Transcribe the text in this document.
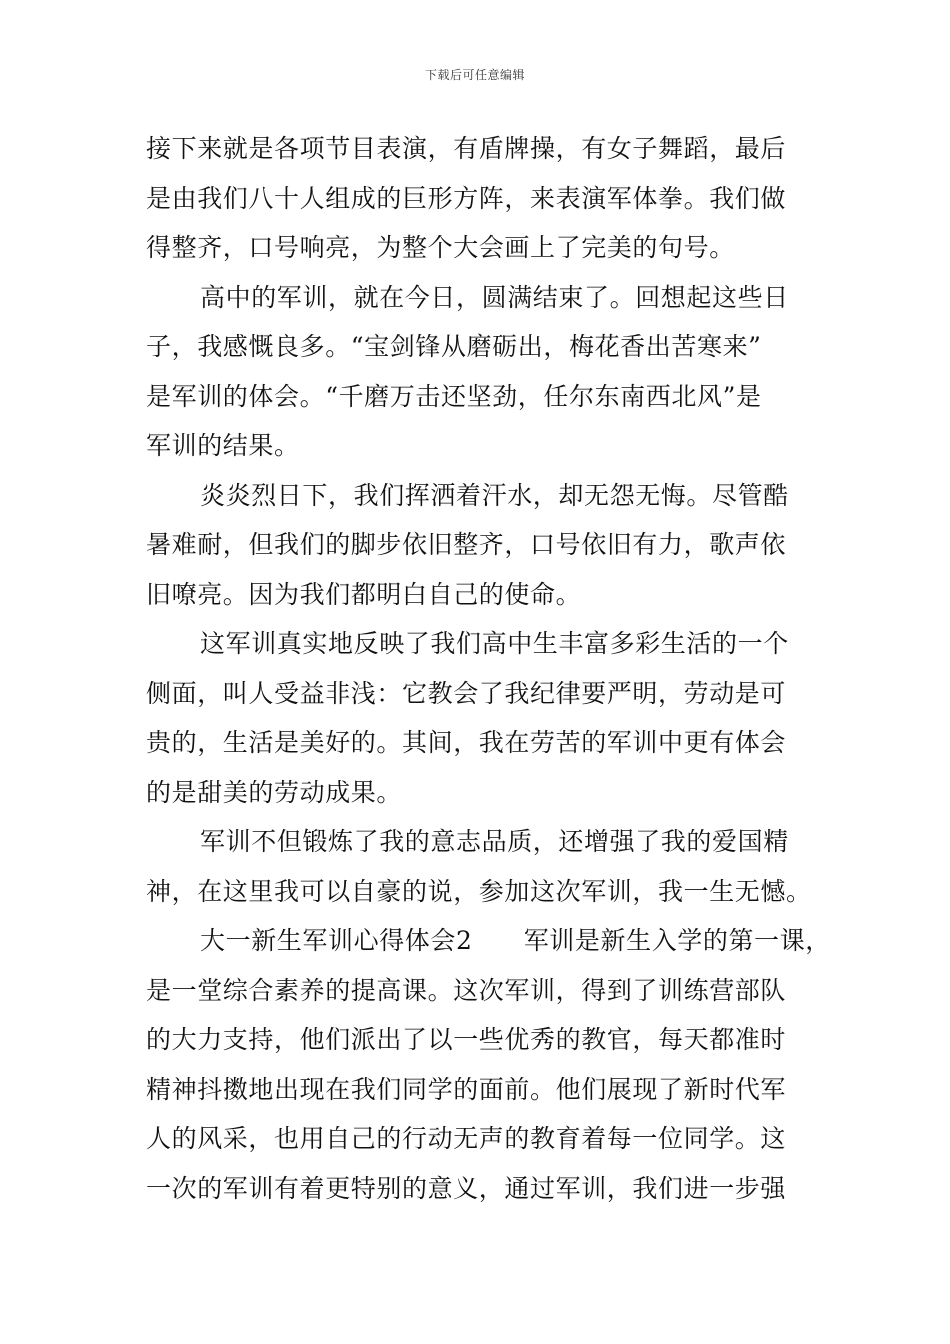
下载后可任意编辑
接下来就是各项节目表演，有盾牌操，有女子舞蹈，最后
是由我们八十人组成的巨形方阵，来表演军体拳。我们做
得整齐，口号响亮，为整个大会画上了完美的句号。
高中的军训，就在今日，圆满结束了。回想起这些日
子，我感慨良多。“宝剑锋从磨砺出，梅花香出苦寒来”
是军训的体会。“千磨万击还坚劲，任尔东南西北风”是
军训的结果。
炎炎烈日下，我们挥洒着汗水，却无怨无悔。尽管酷
暑难耐，但我们的脚步依旧整齐，口号依旧有力，歌声依
旧嘹亮。因为我们都明白自己的使命。
这军训真实地反映了我们高中生丰富多彩生活的一个
侧面，叫人受益非浅：它教会了我纪律要严明，劳动是可
贵的，生活是美好的。其间，我在劳苦的军训中更有体会
的是甜美的劳动成果。
军训不但锻炼了我的意志品质，还增强了我的爱国精
神，在这里我可以自豪的说，参加这次军训，我一生无憾。
大一新生军训心得体会2　　军训是新生入学的第一课，
是一堂综合素养的提高课。这次军训，得到了训练营部队
的大力支持，他们派出了以一些优秀的教官，每天都准时
精神抖擞地出现在我们同学的面前。他们展现了新时代军
人的风采，也用自己的行动无声的教育着每一位同学。这
一次的军训有着更特别的意义，通过军训，我们进一步强
